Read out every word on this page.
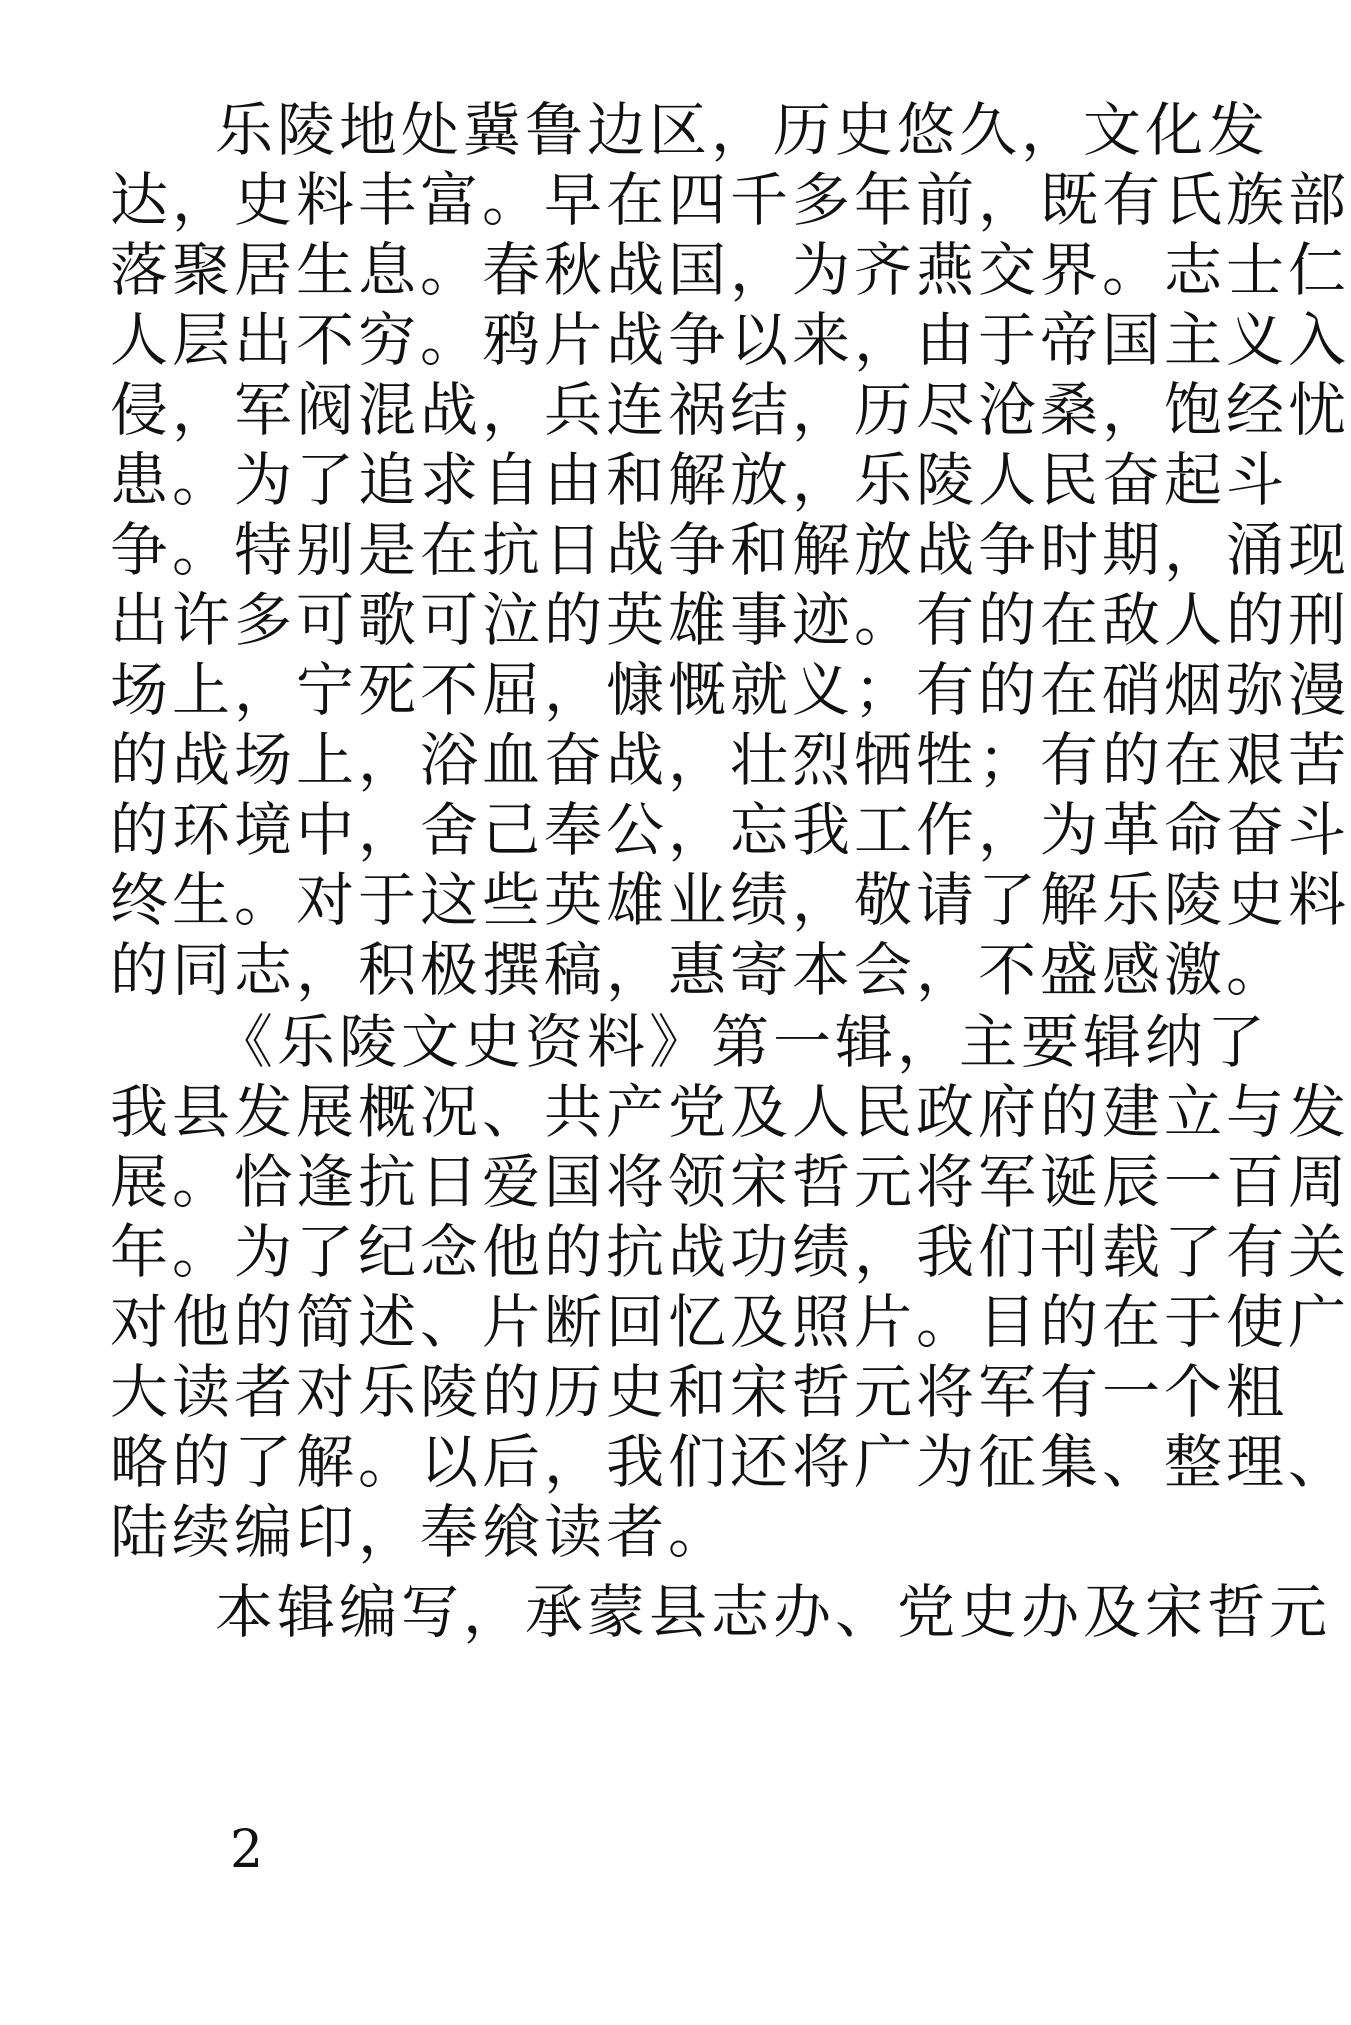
乐陵地处冀鲁边区，历史悠久，文化发
达，史料丰富。早在四千多年前，既有氏族部
落聚居生息。春秋战国，为齐燕交界。志士仁
人层出不穷。鸦片战争以来，由于帝国主义入
侵，军阀混战，兵连祸结，历尽沧桑，饱经忧
患。为了追求自由和解放，乐陵人民奋起斗
争。特别是在抗日战争和解放战争时期，涌现
出许多可歌可泣的英雄事迹。有的在敌人的刑
场上，宁死不屈，慷慨就义；有的在硝烟弥漫
的战场上，浴血奋战，壮烈牺牲；有的在艰苦
的环境中，舍己奉公，忘我工作，为革命奋斗
终生。对于这些英雄业绩，敬请了解乐陵史料
的同志，积极撰稿，惠寄本会，不盛感激。
《乐陵文史资料》第一辑，主要辑纳了
我县发展概况、共产党及人民政府的建立与发
展。恰逢抗日爱国将领宋哲元将军诞辰一百周
年。为了纪念他的抗战功绩，我们刊载了有关
对他的简述、片断回忆及照片。目的在于使广
大读者对乐陵的历史和宋哲元将军有一个粗
略的了解。以后，我们还将广为征集、整理、
陆续编印，奉飨读者。
本辑编写，承蒙县志办、党史办及宋哲元
2
